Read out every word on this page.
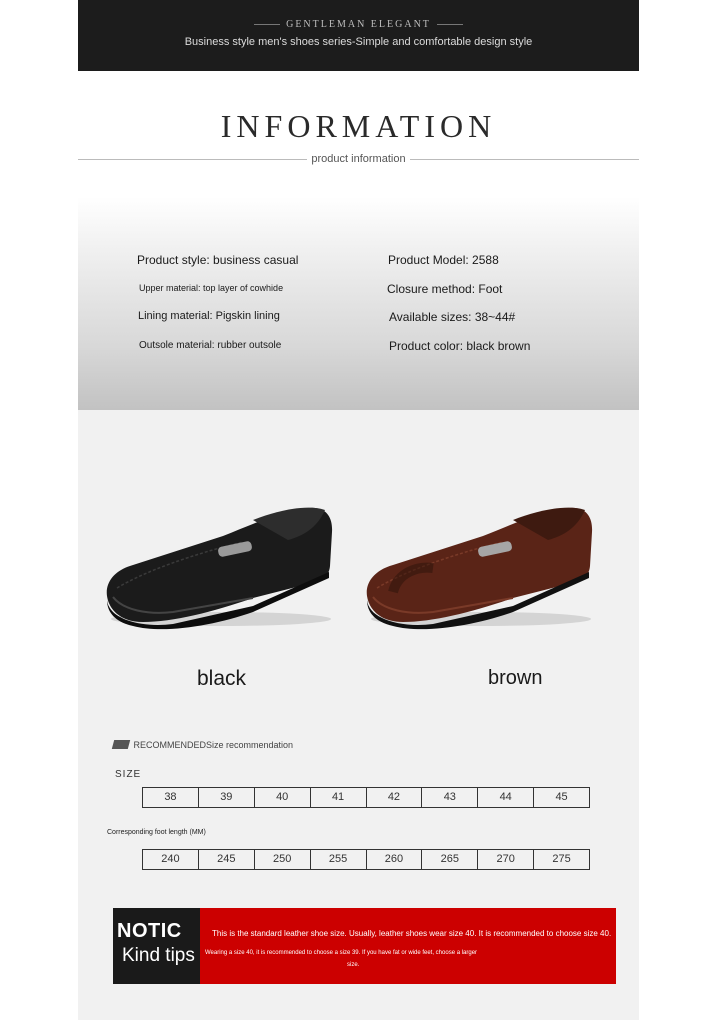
GENTLEMAN ELEGANT
Business style men's shoes series-Simple and comfortable design style
INFORMATION
product information
Product style: business casual
Upper material: top layer of cowhide
Lining material: Pigskin lining
Outsole material: rubber outsole
Product Model: 2588
Closure method: Foot
Available sizes: 38~44#
Product color: black brown
black	brown
RECOMMENDEDSize recommendation
SIZE
38	39	40	41	42	43	44	45
Corresponding foot length (MM)
240	245	250	255	260	265	270	275
NOTIC
Kind tips
This is the standard leather shoe size. Usually, leather shoes wear size 40. It is recommended to choose size 40.
Wearing a size 40, it is recommended to choose a size 39. If you have fat or wide feet, choose a larger
size.
